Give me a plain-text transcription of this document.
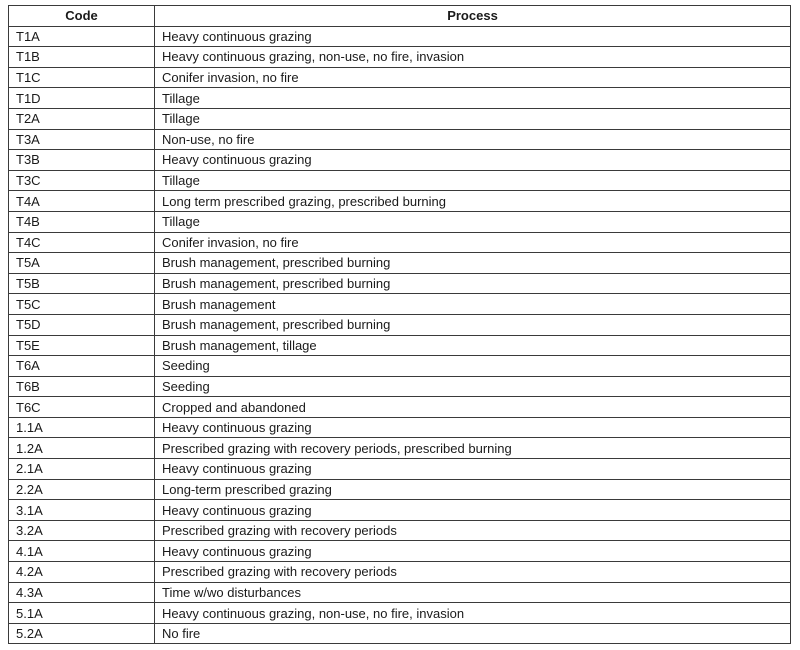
Code	Process
T1A	Heavy continuous grazing
T1B	Heavy continuous grazing, non-use, no fire, invasion
T1C	Conifer invasion, no fire
T1D	Tillage
T2A	Tillage
T3A	Non-use, no fire
T3B	Heavy continuous grazing
T3C	Tillage
T4A	Long term prescribed grazing, prescribed burning
T4B	Tillage
T4C	Conifer invasion, no fire
T5A	Brush management, prescribed burning
T5B	Brush management, prescribed burning
T5C	Brush management
T5D	Brush management, prescribed burning
T5E	Brush management, tillage
T6A	Seeding
T6B	Seeding
T6C	Cropped and abandoned
1.1A	Heavy continuous grazing
1.2A	Prescribed grazing with recovery periods, prescribed burning
2.1A	Heavy continuous grazing
2.2A	Long-term prescribed grazing
3.1A	Heavy continuous grazing
3.2A	Prescribed grazing with recovery periods
4.1A	Heavy continuous grazing
4.2A	Prescribed grazing with recovery periods
4.3A	Time w/wo disturbances
5.1A	Heavy continuous grazing, non-use, no fire, invasion
5.2A	No fire
